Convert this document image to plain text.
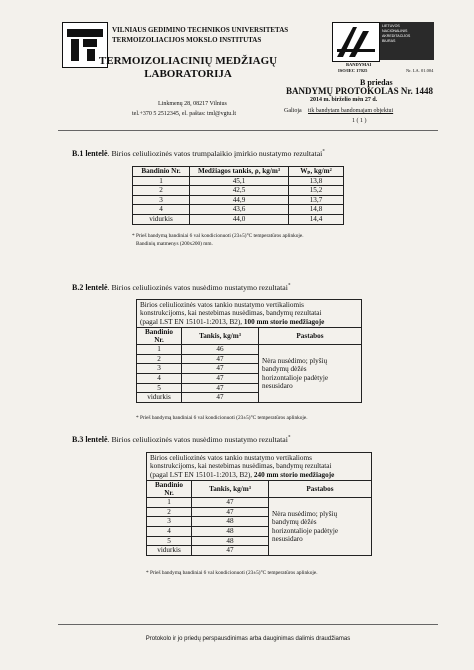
VILNIAUS GEDIMINO TECHNIKOS UNIVERSITETAS
TERMOIZOLIACIJOS MOKSLO INSTITUTAS
LIETUVOS
NACIONALINIS
AKREDITACIJOS
BIURAS
BANDYMAI
ISO/IEC 17025	Nr. LA. 01.004
TERMOIZOLIACINIŲ MEDŽIAGŲ
LABORATORIJA
B priedas
BANDYMŲ PROTOKOLAS Nr. 1448
2014 m. birželio mėn 27 d.
Linkmenų 28, 08217 Vilnius
tel.+370 5 2512345, el. paštas: tml@vgtu.lt	Galioja tik bandytam bandomajam objektui
1 ( 1 )
B.1 lentelė. Birios celiuliozinės vatos trumpalaikio įmirkio nustatymo rezultatai*
Bandinio Nr.	Medžiagos tankis, ρ, kg/m³	Wₚ, kg/m²
1	45,1	13,8
2	42,5	15,2
3	44,9	13,7
4	43,6	14,8
vidurkis	44,0	14,4
* Prieš bandymą bandiniai 6 val kondicionuoti (23±5)°C temperatūros aplinkoje.
Bandinių matmenys (200x200) mm.
B.2 lentelė. Birios celiuliozinės vatos nusėdimo nustatymo rezultatai*
Birios celiuliozinės vatos tankio nustatymo vertikaliomis
konstrukcijoms, kai nestebimas nusėdimas, bandymų rezultatai
(pagal LST EN 15101-1:2013, B2), 100 mm storio medžiagoje		

Bandinio Nr.	Tankis, kg/m³	Pastabos
1	46	Nėra nusėdimo; plyšių
bandymų dėžės
horizontalioje padėtyje
nesusidaro

2	47	
3	47	
4	47	
5	47	
vidurkis	47	
* Prieš bandymą bandiniai 6 val kondicionuoti (23±5)°C temperatūros aplinkoje.
B.3 lentelė. Birios celiuliozinės vatos nusėdimo nustatymo rezultatai*
Birios celiuliozinės vatos tankio nustatymo vertikalioms
konstrukcijoms, kai nestebimas nusėdimas, bandymų rezultatai
(pagal LST EN 15101-1:2013, B2), 240 mm storio medžiagoje		

Bandinio Nr.	Tankis, kg/m³	Pastabos
1	47	Nėra nusėdimo; plyšių
bandymų dėžės
horizontalioje padėtyje
nesusidaro

2	47	
3	48	
4	48	
5	48	
vidurkis	47	
* Prieš bandymą bandiniai 6 val kondicionuoti (23±5)°C temperatūros aplinkoje.
Protokolo ir jo priedų perspausdinimas arba dauginimas dalimis draudžiamas
